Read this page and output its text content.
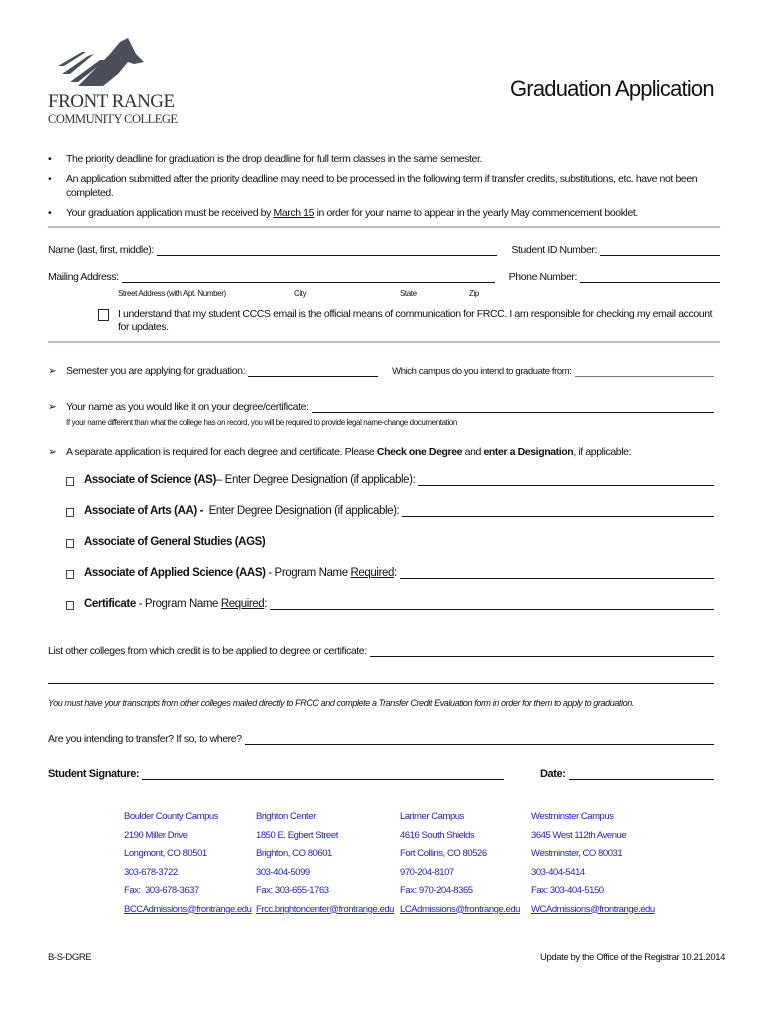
FRONT RANGE
COMMUNITY COLLEGE
Graduation Application
•	The priority deadline for graduation is the drop deadline for full term classes in the same semester.
•	An application submitted after the priority deadline may need to be processed in the following term if transfer credits, substitutions, etc. have not been completed.
•	Your graduation application must be received by March 15 in order for your name to appear in the yearly May commencement booklet.
Name (last, first, middle):	Student ID Number:
Mailing Address:	Phone Number:
Street Address (with Apt. Number)	City	State	Zip
I understand that my student CCCS email is the official means of communication for FRCC. I am responsible for checking my email account for updates.
➢ Semester you are applying for graduation:	Which campus do you intend to graduate from:
➢ Your name as you would like it on your degree/certificate:
If your name different than what the college has on record, you will be required to provide legal name-change documentation
➢ A separate application is required for each degree and certificate. Please Check one Degree and enter a Designation, if applicable:
Associate of Science (AS) – Enter Degree Designation (if applicable):
Associate of Arts (AA) - Enter Degree Designation (if applicable):
Associate of General Studies (AGS)
Associate of Applied Science (AAS) - Program Name Required :
Certificate - Program Name Required :
List other colleges from which credit is to be applied to degree or certificate:
You must have your transcripts from other colleges mailed directly to FRCC and complete a Transfer Credit Evaluation form in order for them to apply to graduation.
Are you intending to transfer? If so, to where?
Student Signature:	Date:
Boulder County Campus
2190 Miller Drive
Longmont, CO 80501
303-678-3722
Fax:  303-678-3637
BCCAdmissions@frontrange.edu
Brighton Center
1850 E. Egbert Street
Brighton, CO 80601
303-404-5099
Fax: 303-655-1763
Frcc.brightoncenter@frontrange.edu
Larimer Campus
4616 South Shields
Fort Collins, CO 80526
970-204-8107
Fax: 970-204-8365
LCAdmissions@frontrange.edu
Westminster Campus
3645 West 112th Avenue
Westminster, CO 80031
303-404-5414
Fax: 303-404-5150
WCAdmissions@frontrange.edu
B-S-DGRE	Update by the Office of the Registrar 10.21.2014
